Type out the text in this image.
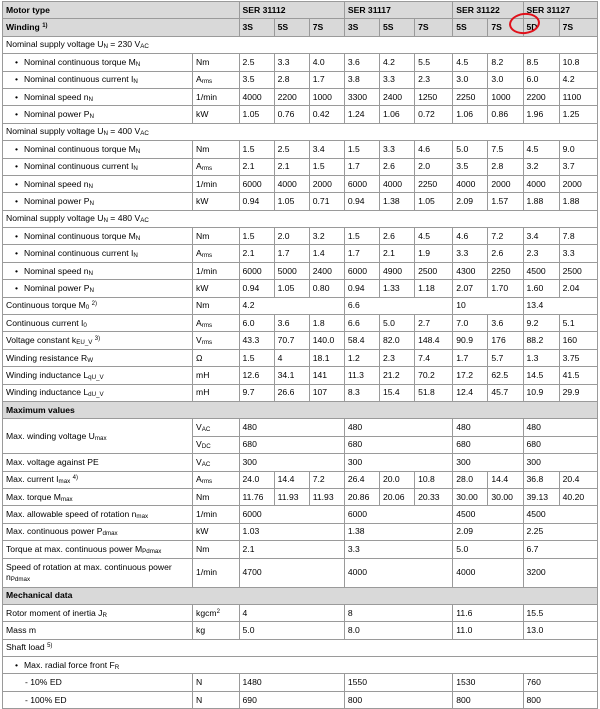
Motor type		SER 31112			SER 31117			SER 31122		SER 31127	
Winding $^{1)}$		3S	5S	7S	3S	5S	7S	5S	7S	5D	7S
Nominal supply voltage $U_N = 230$ $V_{AC}$
• Nominal continuous torque $M_N$	Nm	2.5	3.3	4.0	3.6	4.2	5.5	4.5	8.2	8.5	10.8
• Nominal continuous current $I_N$	$A_{rms}$	3.5	2.8	1.7	3.8	3.3	2.3	3.0	3.0	6.0	4.2
• Nominal speed $n_N$	1/min	4000	2200	1000	3300	2400	1250	2250	1000	2200	1100
• Nominal power $P_N$	kW	1.05	0.76	0.42	1.24	1.06	0.72	1.06	0.86	1.96	1.25
Nominal supply voltage $U_N = 400$ $V_{AC}$
• Nominal continuous torque $M_N$	Nm	1.5	2.5	3.4	1.5	3.3	4.6	5.0	7.5	4.5	9.0
• Nominal continuous current $I_N$	$A_{rms}$	2.1	2.1	1.5	1.7	2.6	2.0	3.5	2.8	3.2	3.7
• Nominal speed $n_N$	1/min	6000	4000	2000	6000	4000	2250	4000	2000	4000	2000
• Nominal power $P_N$	kW	0.94	1.05	0.71	0.94	1.38	1.05	2.09	1.57	1.88	1.88
Nominal supply voltage $U_N = 480$ $V_{AC}$
• Nominal continuous torque $M_N$	Nm	1.5	2.0	3.2	1.5	2.6	4.5	4.6	7.2	3.4	7.8
• Nominal continuous current $I_N$	$A_{rms}$	2.1	1.7	1.4	1.7	2.1	1.9	3.3	2.6	2.3	3.3
• Nominal speed $n_N$	1/min	6000	5000	2400	6000	4900	2500	4300	2250	4500	2500
• Nominal power $P_N$	kW	0.94	1.05	0.80	0.94	1.33	1.18	2.07	1.70	1.60	2.04
Continuous torque $M_0$ $^{2)}$	Nm	4.2			6.6			10		13.4	
Continuous current $I_0$	$A_{rms}$	6.0	3.6	1.8	6.6	5.0	2.7	7.0	3.6	9.2	5.1
Voltage constant $k_{EU\_V}$ $^{3)}$	$V_{rms}$	43.3	70.7	140.0	58.4	82.0	148.4	90.9	176	88.2	160
Winding resistance $R_W$	Ω	1.5	4	18.1	1.2	2.3	7.4	1.7	5.7	1.3	3.75
Winding inductance $L_{qU\_V}$	mH	12.6	34.1	141	11.3	21.2	70.2	17.2	62.5	14.5	41.5
Winding inductance $L_{dU\_V}$	mH	9.7	26.6	107	8.3	15.4	51.8	12.4	45.7	10.9	29.9
Maximum values											
Max. winding voltage $U_{max}$	$V_{AC}$	480			480			480		480	
	$V_{DC}$	680			680			680		680	
Max. voltage against PE	$V_{AC}$	300			300			300		300	
Max. current $I_{max}$ $^{4)}$	$A_{rms}$	24.0	14.4	7.2	26.4	20.0	10.8	28.0	14.4	36.8	20.4
Max. torque $M_{max}$	Nm	11.76	11.93	11.93	20.86	20.06	20.33	30.00	30.00	39.13	40.20
Max. allowable speed of rotation $n_{max}$	1/min	6000			6000			4500		4500	
Max. continuous power $P_{dmax}$	kW	1.03			1.38			2.09		2.25	
Torque at max. continuous power $M_{Pdmax}$	Nm	2.1			3.3			5.0		6.7	
Speed of rotation at max. continuous power $n_{Pdmax}$	1/min	4700			4000			4000		3200	
Mechanical data											
Rotor moment of inertia $J_R$	kgcm$^2$	4			8			11.6		15.5	
Mass m	kg	5.0			8.0			11.0		13.0	
Shaft load $^{5)}$
• Max. radial force front $F_R$
- 10% ED	N	1480			1550			1530		760	
- 100% ED	N	690			800			800		800	
